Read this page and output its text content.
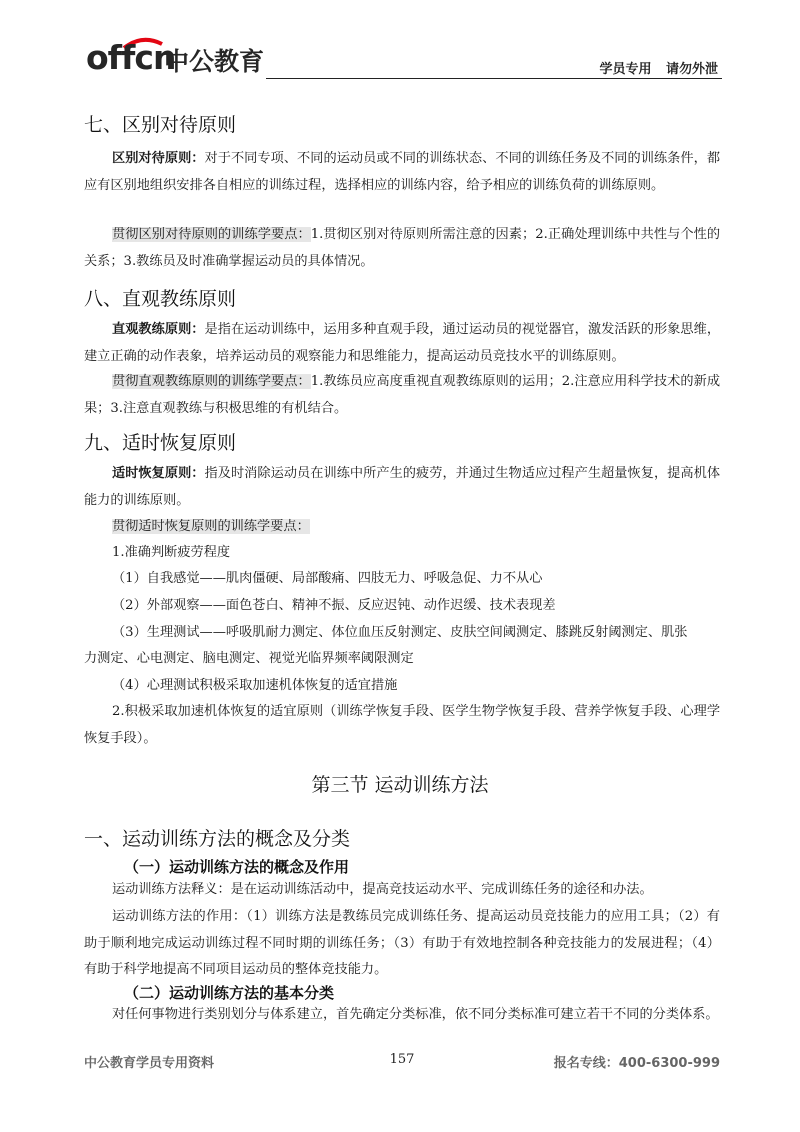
offcn
中公教育	学员专用 请勿外泄
七、区别对待原则
区别对待原则：对于不同专项、不同的运动员或不同的训练状态、不同的训练任务及不同的训练条件，都应有区别地组织安排各自相应的训练过程，选择相应的训练内容，给予相应的训练负荷的训练原则。
贯彻区别对待原则的训练学要点：1.贯彻区别对待原则所需注意的因素；2.正确处理训练中共性与个性的关系；3.教练员及时准确掌握运动员的具体情况。
八、直观教练原则
直观教练原则：是指在运动训练中，运用多种直观手段，通过运动员的视觉器官，激发活跃的形象思维，建立正确的动作表象，培养运动员的观察能力和思维能力，提高运动员竞技水平的训练原则。
贯彻直观教练原则的训练学要点：1.教练员应高度重视直观教练原则的运用；2.注意应用科学技术的新成果；3.注意直观教练与积极思维的有机结合。
九、适时恢复原则
适时恢复原则：指及时消除运动员在训练中所产生的疲劳，并通过生物适应过程产生超量恢复，提高机体能力的训练原则。
贯彻适时恢复原则的训练学要点：
1.准确判断疲劳程度
（1）自我感觉——肌肉僵硬、局部酸痛、四肢无力、呼吸急促、力不从心
（2）外部观察——面色苍白、精神不振、反应迟钝、动作迟缓、技术表现差
（3）生理测试——呼吸肌耐力测定、体位血压反射测定、皮肤空间阈测定、膝跳反射阈测定、肌张
力测定、心电测定、脑电测定、视觉光临界频率阈限测定
（4）心理测试积极采取加速机体恢复的适宜措施
2.积极采取加速机体恢复的适宜原则（训练学恢复手段、医学生物学恢复手段、营养学恢复手段、心理学恢复手段）。
第三节 运动训练方法
一、运动训练方法的概念及分类
（一）运动训练方法的概念及作用
运动训练方法释义：是在运动训练活动中，提高竞技运动水平、完成训练任务的途径和办法。
运动训练方法的作用：（1）训练方法是教练员完成训练任务、提高运动员竞技能力的应用工具；（2）有助于顺利地完成运动训练过程不同时期的训练任务；（3）有助于有效地控制各种竞技能力的发展进程；（4）有助于科学地提高不同项目运动员的整体竞技能力。
（二）运动训练方法的基本分类
对任何事物进行类别划分与体系建立，首先确定分类标准，依不同分类标准可建立若干不同的分类体系。
中公教育学员专用资料	157	报名专线：400-6300-999
